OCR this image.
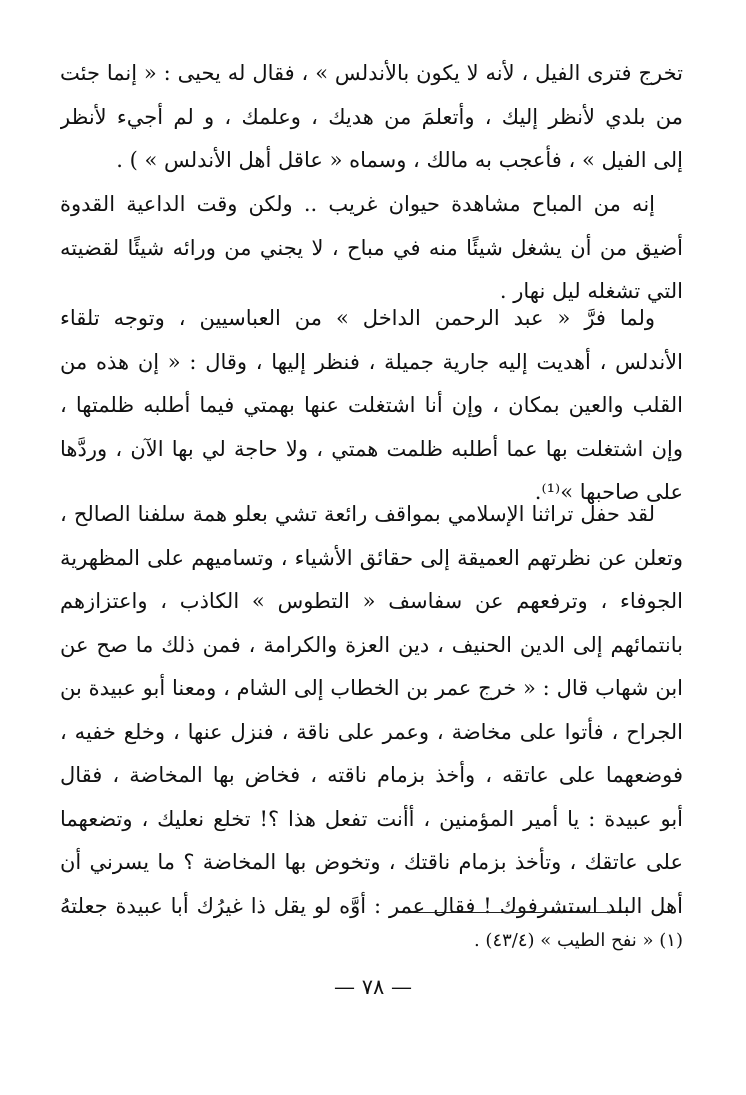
تخرج فترى الفيل ، لأنه لا يكون بالأندلس » ، فقال له يحيى : « إنما جئت
من بلدي لأنظر إليك ، وأتعلمَ من هديك ، وعلمك ، و لم أجيء لأنظر
إلى الفيل » ، فأعجب به مالك ، وسماه « عاقل أهل الأندلس » ) .
إنه من المباح مشاهدة حيوان غريب .. ولكن وقت الداعية القدوة
أضيق من أن يشغل شيئًا منه في مباح ، لا يجني من ورائه شيئًا لقضيته
التي تشغله ليل نهار .
ولما فرَّ « عبد الرحمن الداخل » من العباسيين ، وتوجه تلقاء
الأندلس ، أهديت إليه جارية جميلة ، فنظر إليها ، وقال : « إن هذه من
القلب والعين بمكان ، وإن أنا اشتغلت عنها بهمتي فيما أطلبه ظلمتها ،
وإن اشتغلت بها عما أطلبه ظلمت همتي ، ولا حاجة لي بها الآن ، وردَّها
على صاحبها »⁽¹⁾.
لقد حفل تراثنا الإسلامي بمواقف رائعة تشي بعلو همة سلفنا الصالح ،
وتعلن عن نظرتهم العميقة إلى حقائق الأشياء ، وتساميهم على المظهرية
الجوفاء ، وترفعهم عن سفاسف « التطوس » الكاذب ، واعتزازهم
بانتمائهم إلى الدين الحنيف ، دين العزة والكرامة ، فمن ذلك ما صح عن
ابن شهاب قال : « خرج عمر بن الخطاب إلى الشام ، ومعنا أبو عبيدة بن
الجراح ، فأتوا على مخاضة ، وعمر على ناقة ، فنزل عنها ، وخلع خفيه ،
فوضعهما على عاتقه ، وأخذ بزمام ناقته ، فخاض بها المخاضة ، فقال
أبو عبيدة : يا أمير المؤمنين ، أأنت تفعل هذا ؟! تخلع نعليك ، وتضعهما
على عاتقك ، وتأخذ بزمام ناقتك ، وتخوض بها المخاضة ؟ ما يسرني أن
أهل البلد استشرفوك ! فقال عمر : أوَّه لو يقل ذا غيرُك أبا عبيدة جعلتهُ
(١) « نفح الطيب » (٤٣/٤) .
— ٧٨ —
